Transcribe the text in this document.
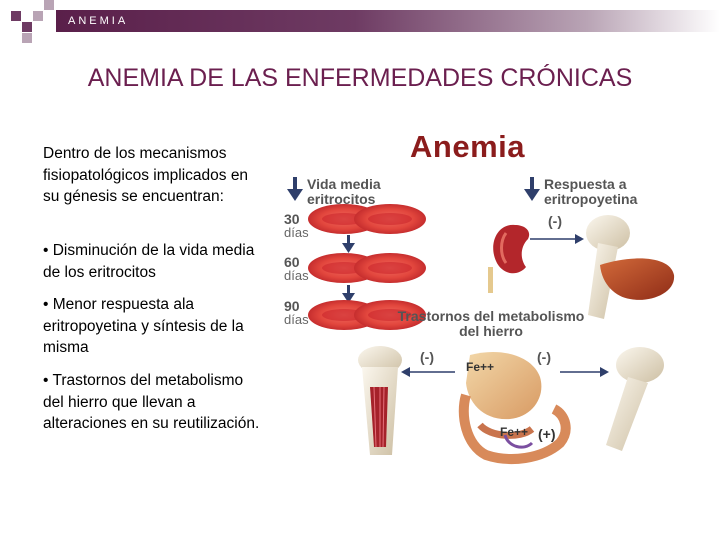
ANEMIA
ANEMIA DE LAS ENFERMEDADES CRÓNICAS
Dentro de los mecanismos fisiopatológicos implicados en su génesis se encuentran:
• Disminución de la vida media de los eritrocitos
• Menor respuesta ala eritropoyetina y síntesis de la misma
• Trastornos del metabolismo del hierro que llevan a alteraciones en su reutilización.
Anemia
Vida media eritrocitos
Respuesta a eritropoyetina
(-)
30
días
60
días
90
días	Trastornos del metabolismo del hierro
(-)	(-)
Fe++
Fe++ (+)
